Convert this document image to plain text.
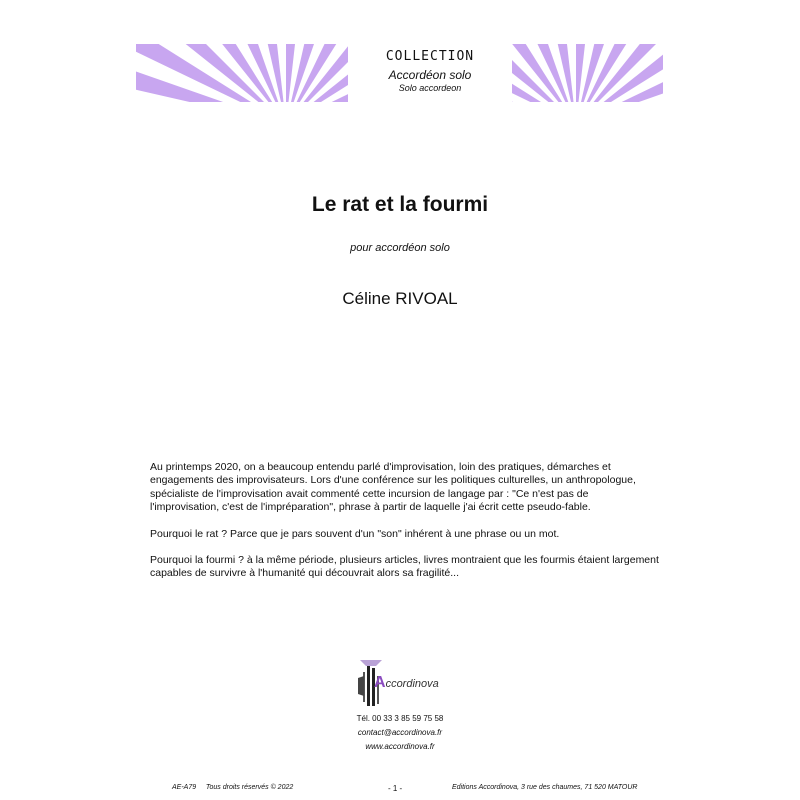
COLLECTION
Accordéon solo
Solo accordeon
Le rat et la fourmi
pour accordéon solo
Céline RIVOAL

Au printemps 2020, on a beaucoup entendu parlé d'improvisation, loin des pratiques, démarches et engagements des improvisateurs. Lors d'une conférence sur les politiques culturelles, un anthropologue, spécialiste de l'improvisation avait commenté cette incursion de langage par : "Ce n'est pas de l'improvisation, c'est de l'impréparation", phrase à partir de laquelle j'ai écrit cette pseudo-fable.

Pourquoi le rat ? Parce que je pars souvent d'un "son" inhérent à une phrase ou un mot.

Pourquoi la fourmi ? à la même période, plusieurs articles, livres montraient que les fourmis étaient largement capables de survivre à l'humanité qui découvrait alors sa fragilité...

Accordinova
Tél. 00 33 3 85 59 75 58
contact@accordinova.fr
www.accordinova.fr
AE-A79 Tous droits réservés © 2022	- 1 -	Editions Accordinova, 3 rue des chaumes, 71 520 MATOUR
